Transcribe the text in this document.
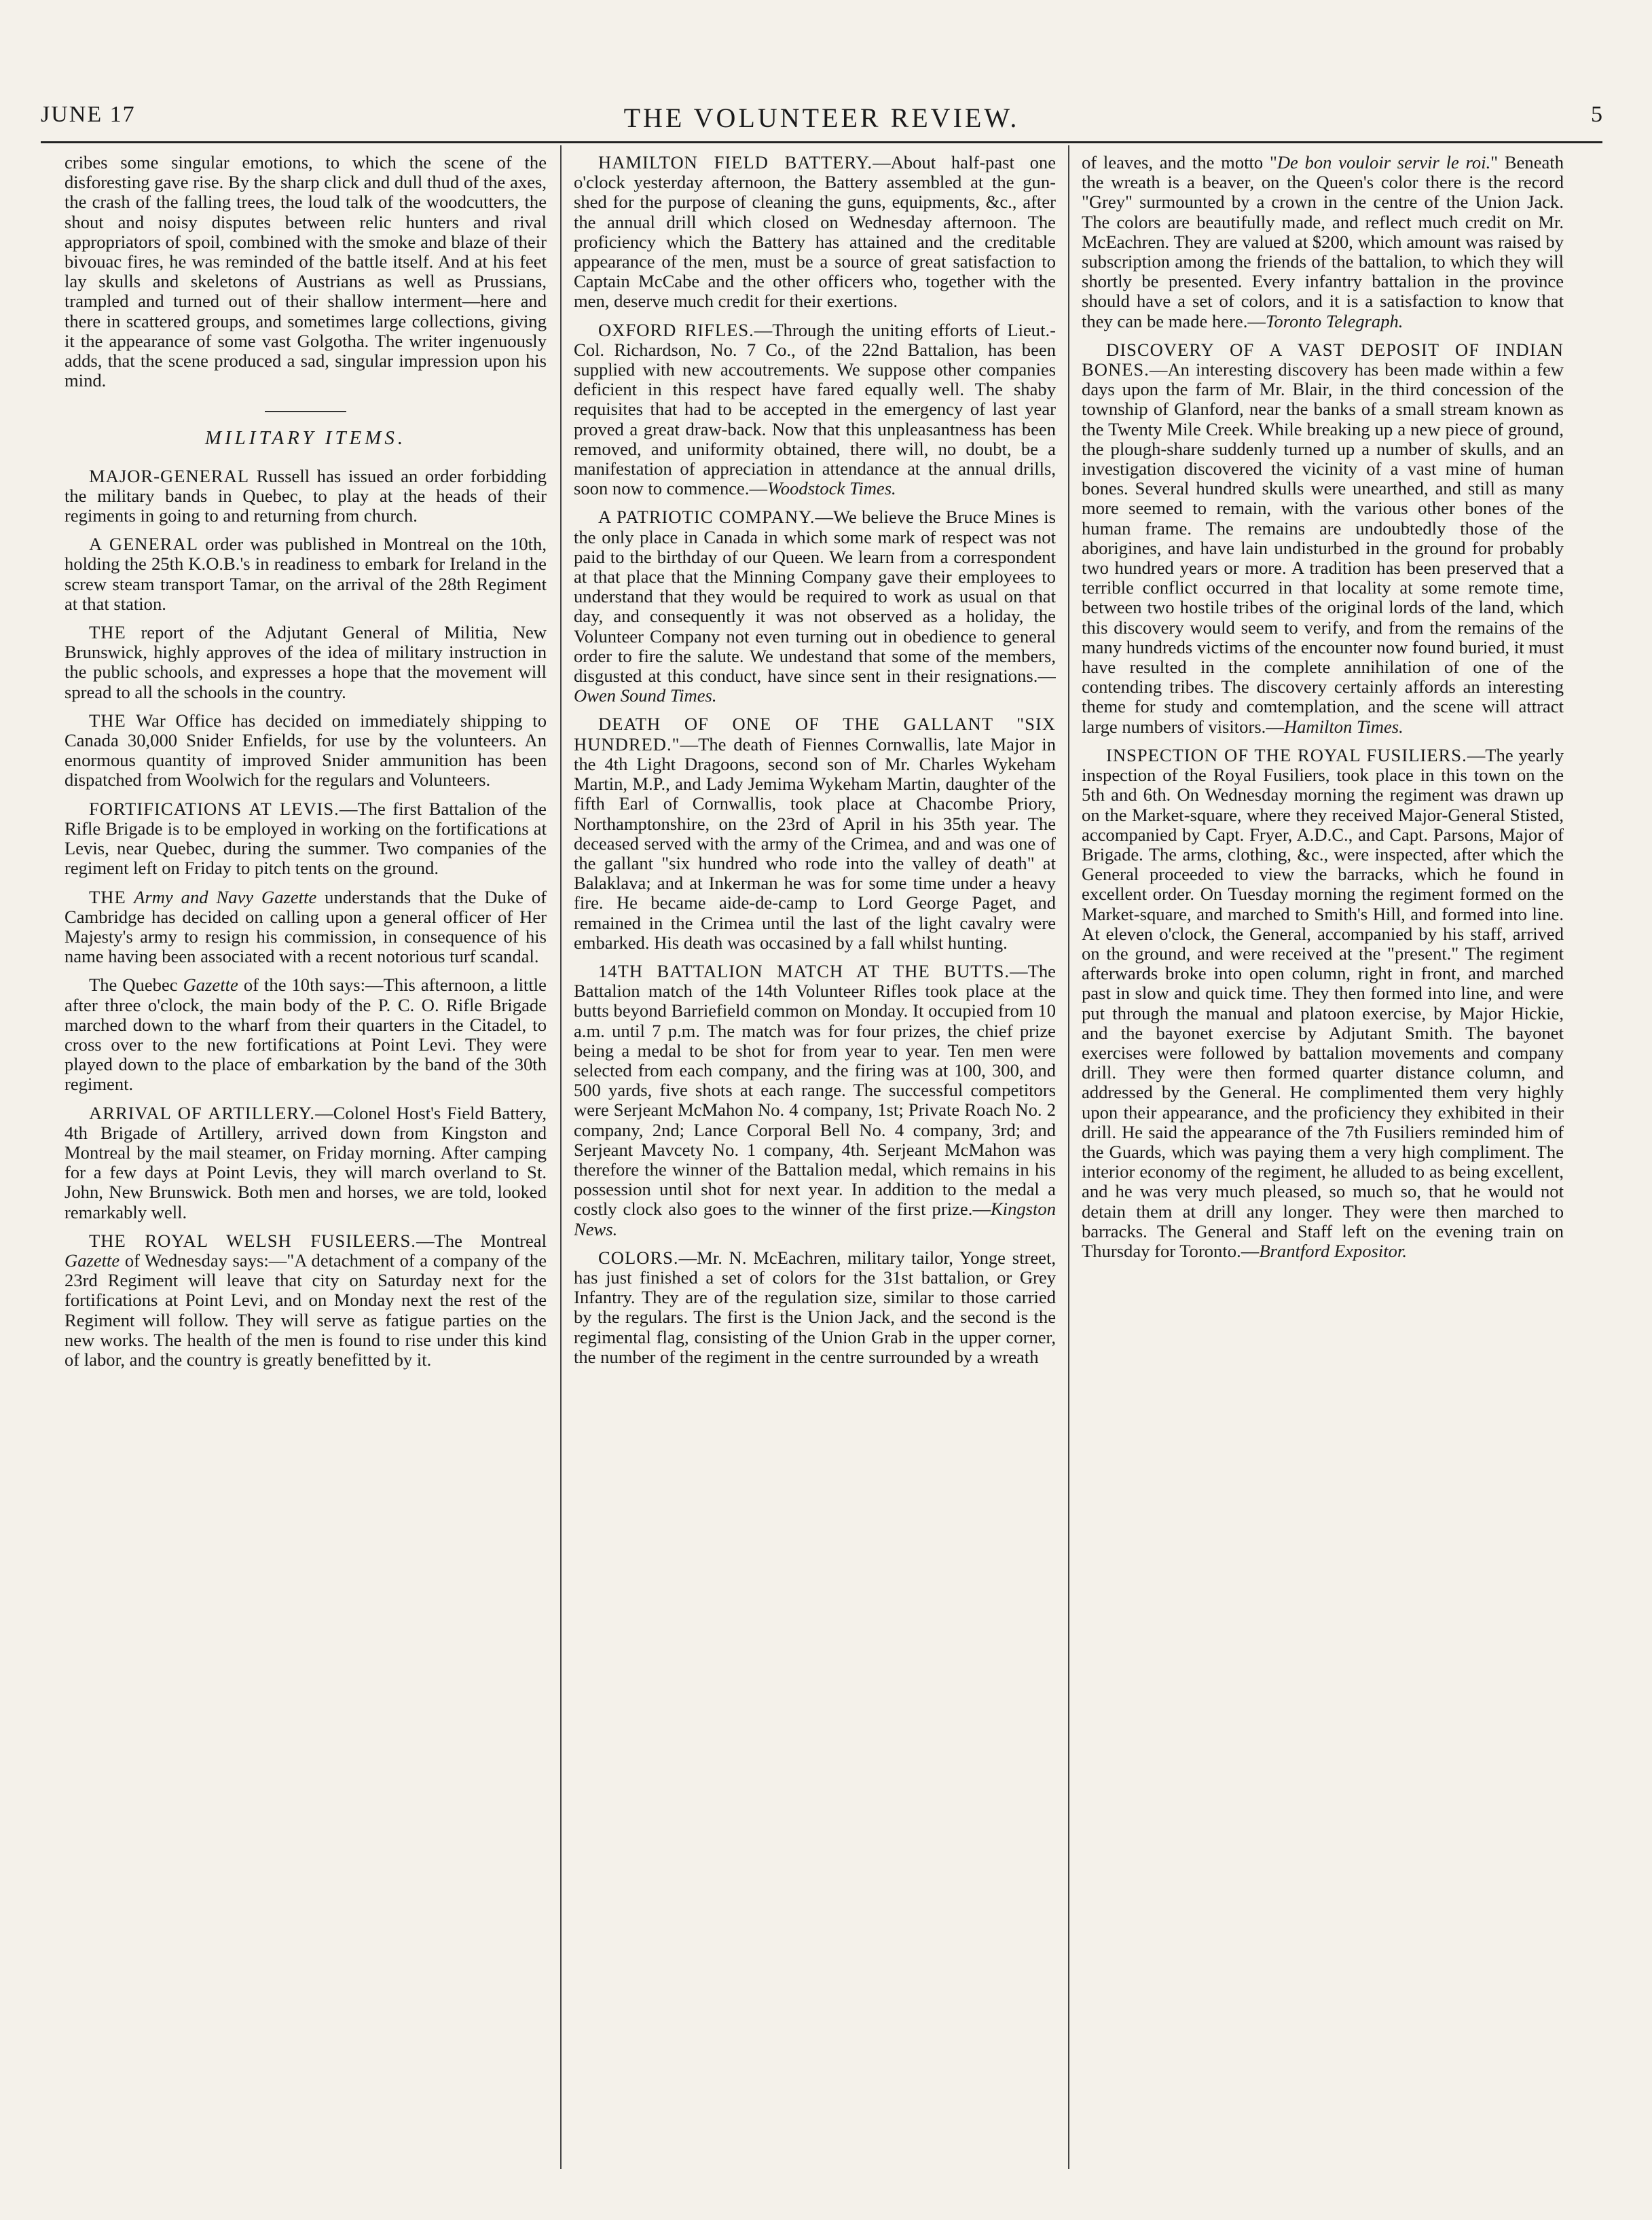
THE VOLUNTEER REVIEW.
JUNE 17	5

cribes some singular emotions, to which the scene of the disforesting gave rise. By the sharp click and dull thud of the axes, the crash of the falling trees, the loud talk of the woodcutters, the shout and noisy disputes between relic hunters and rival appropriators of spoil, combined with the smoke and blaze of their bivouac fires, he was reminded of the battle itself. And at his feet lay skulls and skeletons of Austrians as well as Prussians, trampled and turned out of their shallow interment—here and there in scattered groups, and sometimes large collections, giving it the appearance of some vast Golgotha. The writer ingenuously adds, that the scene produced a sad, singular impression upon his mind.

MILITARY ITEMS.

MAJOR-GENERAL Russell has issued an order forbidding the military bands in Quebec, to play at the heads of their regiments in going to and returning from church.

A GENERAL order was published in Montreal on the 10th, holding the 25th K.O.B.'s in readiness to embark for Ireland in the screw steam transport Tamar, on the arrival of the 28th Regiment at that station.

THE report of the Adjutant General of Militia, New Brunswick, highly approves of the idea of military instruction in the public schools, and expresses a hope that the movement will spread to all the schools in the country.

THE War Office has decided on immediately shipping to Canada 30,000 Snider Enfields, for use by the volunteers. An enormous quantity of improved Snider ammunition has been dispatched from Woolwich for the regulars and Volunteers.

FORTIFICATIONS AT LEVIS.—The first Battalion of the Rifle Brigade is to be employed in working on the fortifications at Levis, near Quebec, during the summer. Two companies of the regiment left on Friday to pitch tents on the ground.

THE Army and Navy Gazette understands that the Duke of Cambridge has decided on calling upon a general officer of Her Majesty's army to resign his commission, in consequence of his name having been associated with a recent notorious turf scandal.

The Quebec Gazette of the 10th says:—This afternoon, a little after three o'clock, the main body of the P. C. O. Rifle Brigade marched down to the wharf from their quarters in the Citadel, to cross over to the new fortifications at Point Levi. They were played down to the place of embarkation by the band of the 30th regiment.

ARRIVAL OF ARTILLERY.—Colonel Host's Field Battery, 4th Brigade of Artillery, arrived down from Kingston and Montreal by the mail steamer, on Friday morning. After camping for a few days at Point Levis, they will march overland to St. John, New Brunswick. Both men and horses, we are told, looked remarkably well.

THE ROYAL WELSH FUSILEERS.—The Montreal Gazette of Wednesday says:—"A detachment of a company of the 23rd Regiment will leave that city on Saturday next for the fortifications at Point Levi, and on Monday next the rest of the Regiment will follow. They will serve as fatigue parties on the new works. The health of the men is found to rise under this kind of labor, and the country is greatly benefitted by it.

HAMILTON FIELD BATTERY.—About half-past one o'clock yesterday afternoon, the Battery assembled at the gun-shed for the purpose of cleaning the guns, equipments, &c., after the annual drill which closed on Wednesday afternoon. The proficiency which the Battery has attained and the creditable appearance of the men, must be a source of great satisfaction to Captain McCabe and the other officers who, together with the men, deserve much credit for their exertions.

OXFORD RIFLES.—Through the uniting efforts of Lieut.-Col. Richardson, No. 7 Co., of the 22nd Battalion, has been supplied with new accoutrements. We suppose other companies deficient in this respect have fared equally well. The shaby requisites that had to be accepted in the emergency of last year proved a great draw-back. Now that this unpleasantness has been removed, and uniformity obtained, there will, no doubt, be a manifestation of appreciation in attendance at the annual drills, soon now to commence.—Woodstock Times.

A PATRIOTIC COMPANY.—We believe the Bruce Mines is the only place in Canada in which some mark of respect was not paid to the birthday of our Queen. We learn from a correspondent at that place that the Minning Company gave their employees to understand that they would be required to work as usual on that day, and consequently it was not observed as a holiday, the Volunteer Company not even turning out in obedience to general order to fire the salute. We undestand that some of the members, disgusted at this conduct, have since sent in their resignations.—Owen Sound Times.

DEATH OF ONE OF THE GALLANT "SIX HUNDRED."—The death of Fiennes Cornwallis, late Major in the 4th Light Dragoons, second son of Mr. Charles Wykeham Martin, M.P., and Lady Jemima Wykeham Martin, daughter of the fifth Earl of Cornwallis, took place at Chacombe Priory, Northamptonshire, on the 23rd of April in his 35th year. The deceased served with the army of the Crimea, and and was one of the gallant "six hundred who rode into the valley of death" at Balaklava; and at Inkerman he was for some time under a heavy fire. He became aide-de-camp to Lord George Paget, and remained in the Crimea until the last of the light cavalry were embarked. His death was occasined by a fall whilst hunting.

14TH BATTALION MATCH AT THE BUTTS.—The Battalion match of the 14th Volunteer Rifles took place at the butts beyond Barriefield common on Monday. It occupied from 10 a.m. until 7 p.m. The match was for four prizes, the chief prize being a medal to be shot for from year to year. Ten men were selected from each company, and the firing was at 100, 300, and 500 yards, five shots at each range. The successful competitors were Serjeant McMahon No. 4 company, 1st; Private Roach No. 2 company, 2nd; Lance Corporal Bell No. 4 company, 3rd; and Serjeant Mavcety No. 1 company, 4th. Serjeant McMahon was therefore the winner of the Battalion medal, which remains in his possession until shot for next year. In addition to the medal a costly clock also goes to the winner of the first prize.—Kingston News.

COLORS.—Mr. N. McEachren, military tailor, Yonge street, has just finished a set of colors for the 31st battalion, or Grey Infantry. They are of the regulation size, similar to those carried by the regulars. The first is the Union Jack, and the second is the regimental flag, consisting of the Union Grab in the upper corner, the number of the regiment in the centre surrounded by a wreath

of leaves, and the motto "De bon vouloir servir le roi." Beneath the wreath is a beaver, on the Queen's color there is the record "Grey" surmounted by a crown in the centre of the Union Jack. The colors are beautifully made, and reflect much credit on Mr. McEachren. They are valued at $200, which amount was raised by subscription among the friends of the battalion, to which they will shortly be presented. Every infantry battalion in the province should have a set of colors, and it is a satisfaction to know that they can be made here.—Toronto Telegraph.

DISCOVERY OF A VAST DEPOSIT OF INDIAN BONES.—An interesting discovery has been made within a few days upon the farm of Mr. Blair, in the third concession of the township of Glanford, near the banks of a small stream known as the Twenty Mile Creek. While breaking up a new piece of ground, the plough-share suddenly turned up a number of skulls, and an investigation discovered the vicinity of a vast mine of human bones. Several hundred skulls were unearthed, and still as many more seemed to remain, with the various other bones of the human frame. The remains are undoubtedly those of the aborigines, and have lain undisturbed in the ground for probably two hundred years or more. A tradition has been preserved that a terrible conflict occurred in that locality at some remote time, between two hostile tribes of the original lords of the land, which this discovery would seem to verify, and from the remains of the many hundreds victims of the encounter now found buried, it must have resulted in the complete annihilation of one of the contending tribes. The discovery certainly affords an interesting theme for study and comtemplation, and the scene will attract large numbers of visitors.—Hamilton Times.

INSPECTION OF THE ROYAL FUSILIERS.—The yearly inspection of the Royal Fusiliers, took place in this town on the 5th and 6th. On Wednesday morning the regiment was drawn up on the Market-square, where they received Major-General Stisted, accompanied by Capt. Fryer, A.D.C., and Capt. Parsons, Major of Brigade. The arms, clothing, &c., were inspected, after which the General proceeded to view the barracks, which he found in excellent order. On Tuesday morning the regiment formed on the Market-square, and marched to Smith's Hill, and formed into line. At eleven o'clock, the General, accompanied by his staff, arrived on the ground, and were received at the "present." The regiment afterwards broke into open column, right in front, and marched past in slow and quick time. They then formed into line, and were put through the manual and platoon exercise, by Major Hickie, and the bayonet exercise by Adjutant Smith. The bayonet exercises were followed by battalion movements and company drill. They were then formed quarter distance column, and addressed by the General. He complimented them very highly upon their appearance, and the proficiency they exhibited in their drill. He said the appearance of the 7th Fusiliers reminded him of the Guards, which was paying them a very high compliment. The interior economy of the regiment, he alluded to as being excellent, and he was very much pleased, so much so, that he would not detain them at drill any longer. They were then marched to barracks. The General and Staff left on the evening train on Thursday for Toronto.—Brantford Expositor.
